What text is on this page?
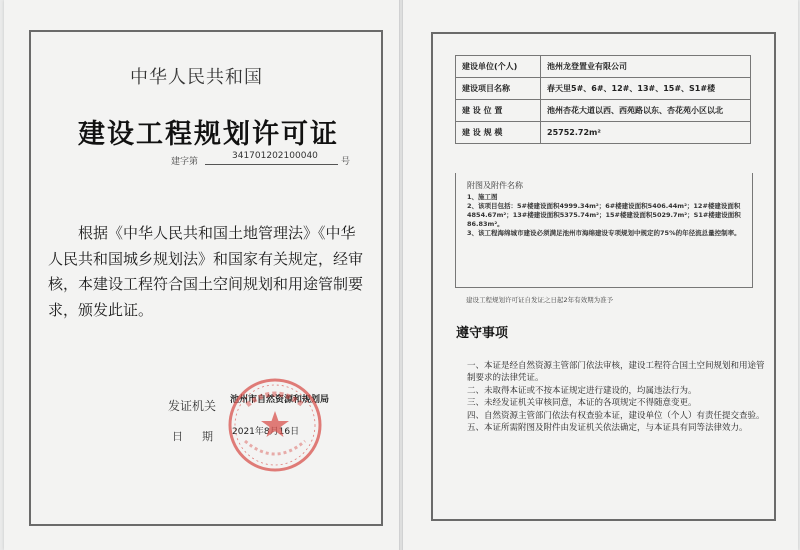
中华人民共和国
建设工程规划许可证
建字第
341701202100040
号
根据《中华人民共和国土地管理法》《中华人民共和国城乡规划法》和国家有关规定，经审核，本建设工程符合国土空间规划和用途管制要求，颁发此证。
发证机关 池州市自然资源和规划局
日期 2021年8月16日
建设单位(个人)	池州龙登置业有限公司
建设项目名称	春天里5#、6#、12#、13#、15#、S1#楼
建 设 位 置	池州杏花大道以西、西苑路以东、杏花苑小区以北
建 设 规 模	25752.72m²
附图及附件名称
1、施工图
2、该项目包括：5#楼建设面积4999.34m²；6#楼建设面积5406.44m²；12#楼建设面积4854.67m²；13#楼建设面积5375.74m²；15#楼建设面积5029.7m²；S1#楼建设面积86.83m²。
3、该工程海绵城市建设必须满足池州市海绵建设专项规划中规定的75%的年径流总量控制率。
建设工程规划许可证自发证之日起2年有效期为准予
遵守事项
一、本证是经自然资源主管部门依法审核，建设工程符合国土空间规划和用途管制要求的法律凭证。
二、未取得本证或不按本证规定进行建设的，均属违法行为。
三、未经发证机关审核同意，本证的各项规定不得随意变更。
四、自然资源主管部门依法有权查验本证，建设单位（个人）有责任提交查验。
五、本证所需附图及附件由发证机关依法确定，与本证具有同等法律效力。
